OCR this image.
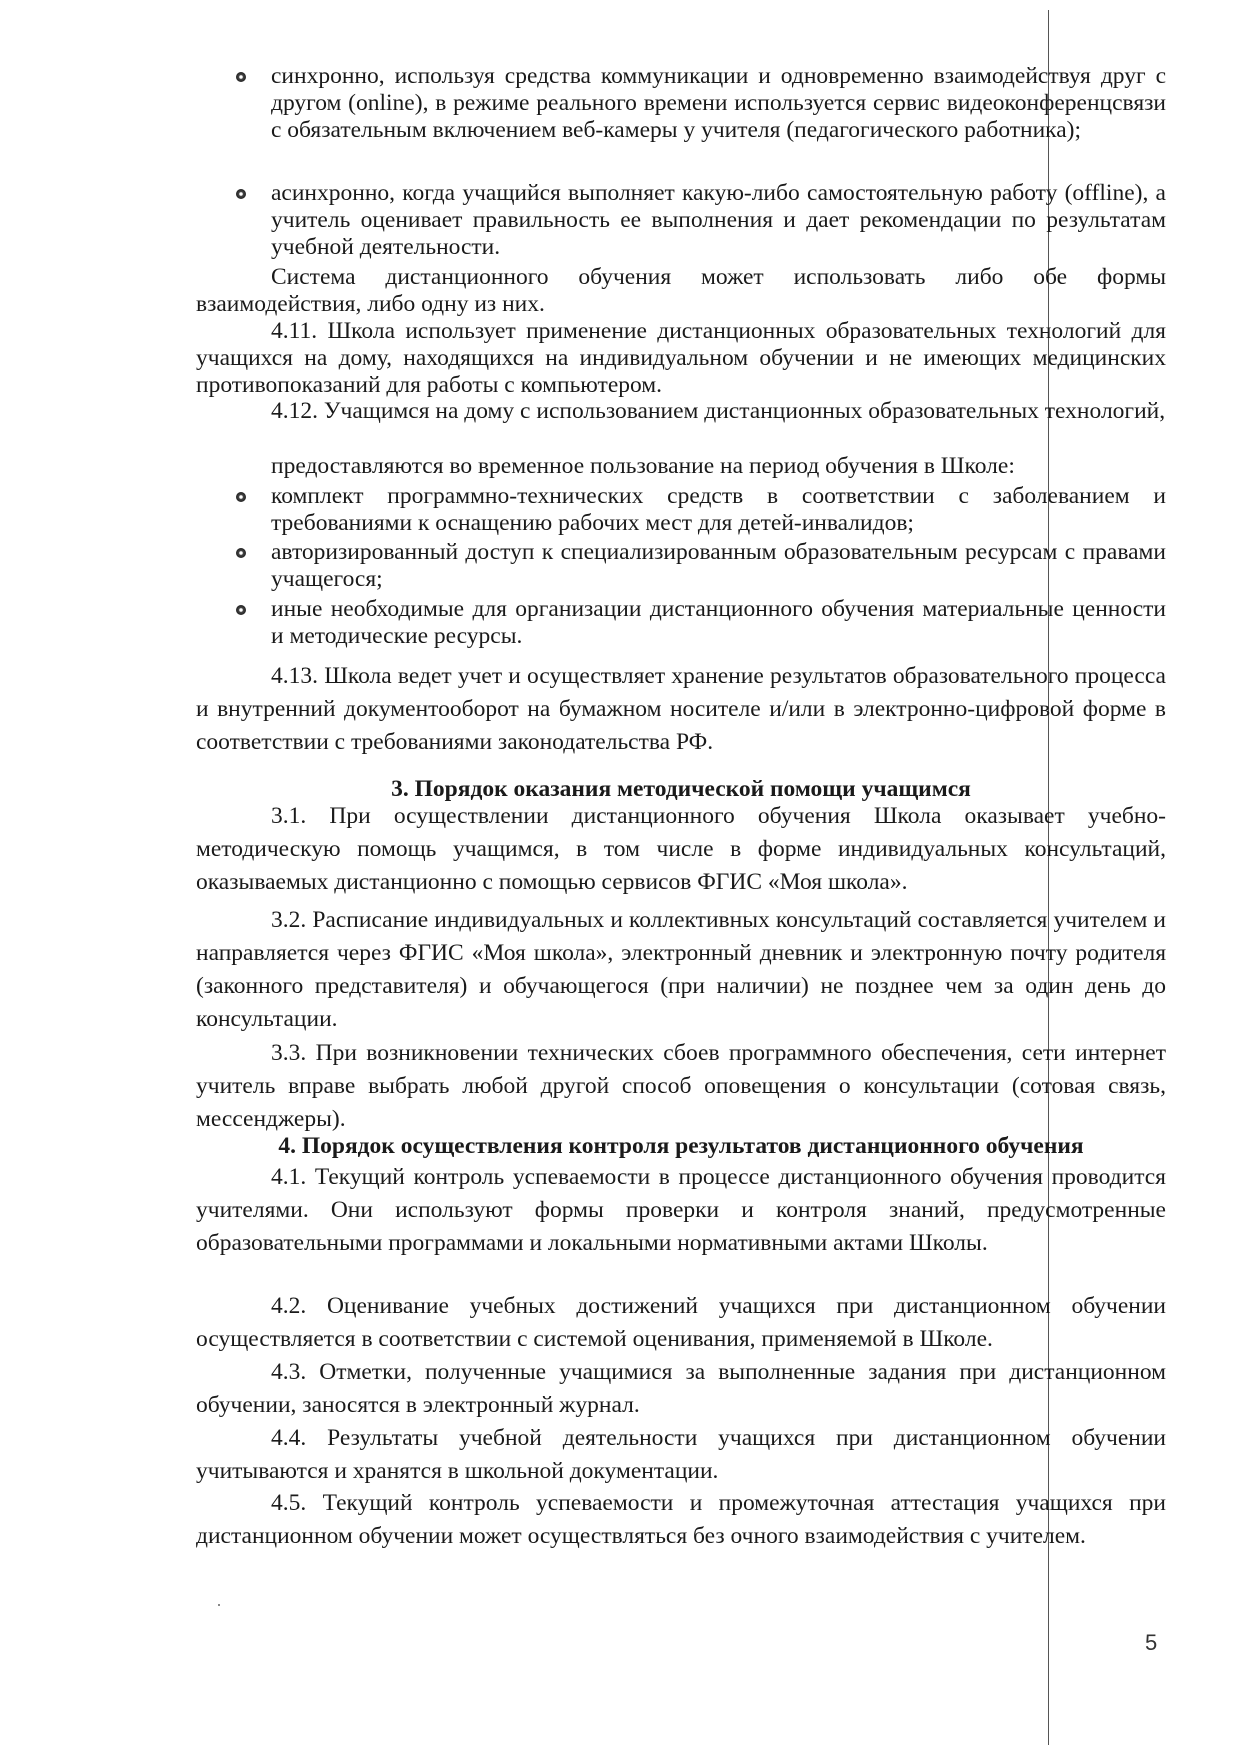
синхронно, используя средства коммуникации и одновременно взаимодействуя друг с другом (online), в режиме реального времени используется сервис видеоконференцсвязи с обязательным включением веб-камеры у учителя (педагогического работника);
асинхронно, когда учащийся выполняет какую-либо самостоятельную работу (offline), а учитель оценивает правильность ее выполнения и дает рекомендации по результатам учебной деятельности.
Система дистанционного обучения может использовать либо обе формы взаимодействия, либо одну из них.
4.11. Школа использует применение дистанционных образовательных технологий для учащихся на дому, находящихся на индивидуальном обучении и не имеющих медицинских противопоказаний для работы с компьютером.
4.12. Учащимся на дому с использованием дистанционных образовательных технологий,
предоставляются во временное пользование на период обучения в Школе:
комплект программно-технических средств в соответствии с заболеванием и требованиями к оснащению рабочих мест для детей-инвалидов;
авторизированный доступ к специализированным образовательным ресурсам с правами учащегося;
иные необходимые для организации дистанционного обучения материальные ценности и методические ресурсы.
4.13. Школа ведет учет и осуществляет хранение результатов образовательного процесса и внутренний документооборот на бумажном носителе и/или в электронно-цифровой форме в соответствии с требованиями законодательства РФ.
3. Порядок оказания методической помощи учащимся
3.1. При осуществлении дистанционного обучения Школа оказывает учебно-методическую помощь учащимся, в том числе в форме индивидуальных консультаций, оказываемых дистанционно с помощью сервисов ФГИС «Моя школа».
3.2. Расписание индивидуальных и коллективных консультаций составляется учителем и направляется через ФГИС «Моя школа», электронный дневник и электронную почту родителя (законного представителя) и обучающегося (при наличии) не позднее чем за один день до консультации.
3.3. При возникновении технических сбоев программного обеспечения, сети интернет учитель вправе выбрать любой другой способ оповещения о консультации (сотовая связь, мессенджеры).
4. Порядок осуществления контроля результатов дистанционного обучения
4.1. Текущий контроль успеваемости в процессе дистанционного обучения проводится учителями. Они используют формы проверки и контроля знаний, предусмотренные образовательными программами и локальными нормативными актами Школы.
4.2. Оценивание учебных достижений учащихся при дистанционном обучении осуществляется в соответствии с системой оценивания, применяемой в Школе.
4.3. Отметки, полученные учащимися за выполненные задания при дистанционном обучении, заносятся в электронный журнал.
4.4. Результаты учебной деятельности учащихся при дистанционном обучении учитываются и хранятся в школьной документации.
4.5. Текущий контроль успеваемости и промежуточная аттестация учащихся при дистанционном обучении может осуществляться без очного взаимодействия с учителем.
5
